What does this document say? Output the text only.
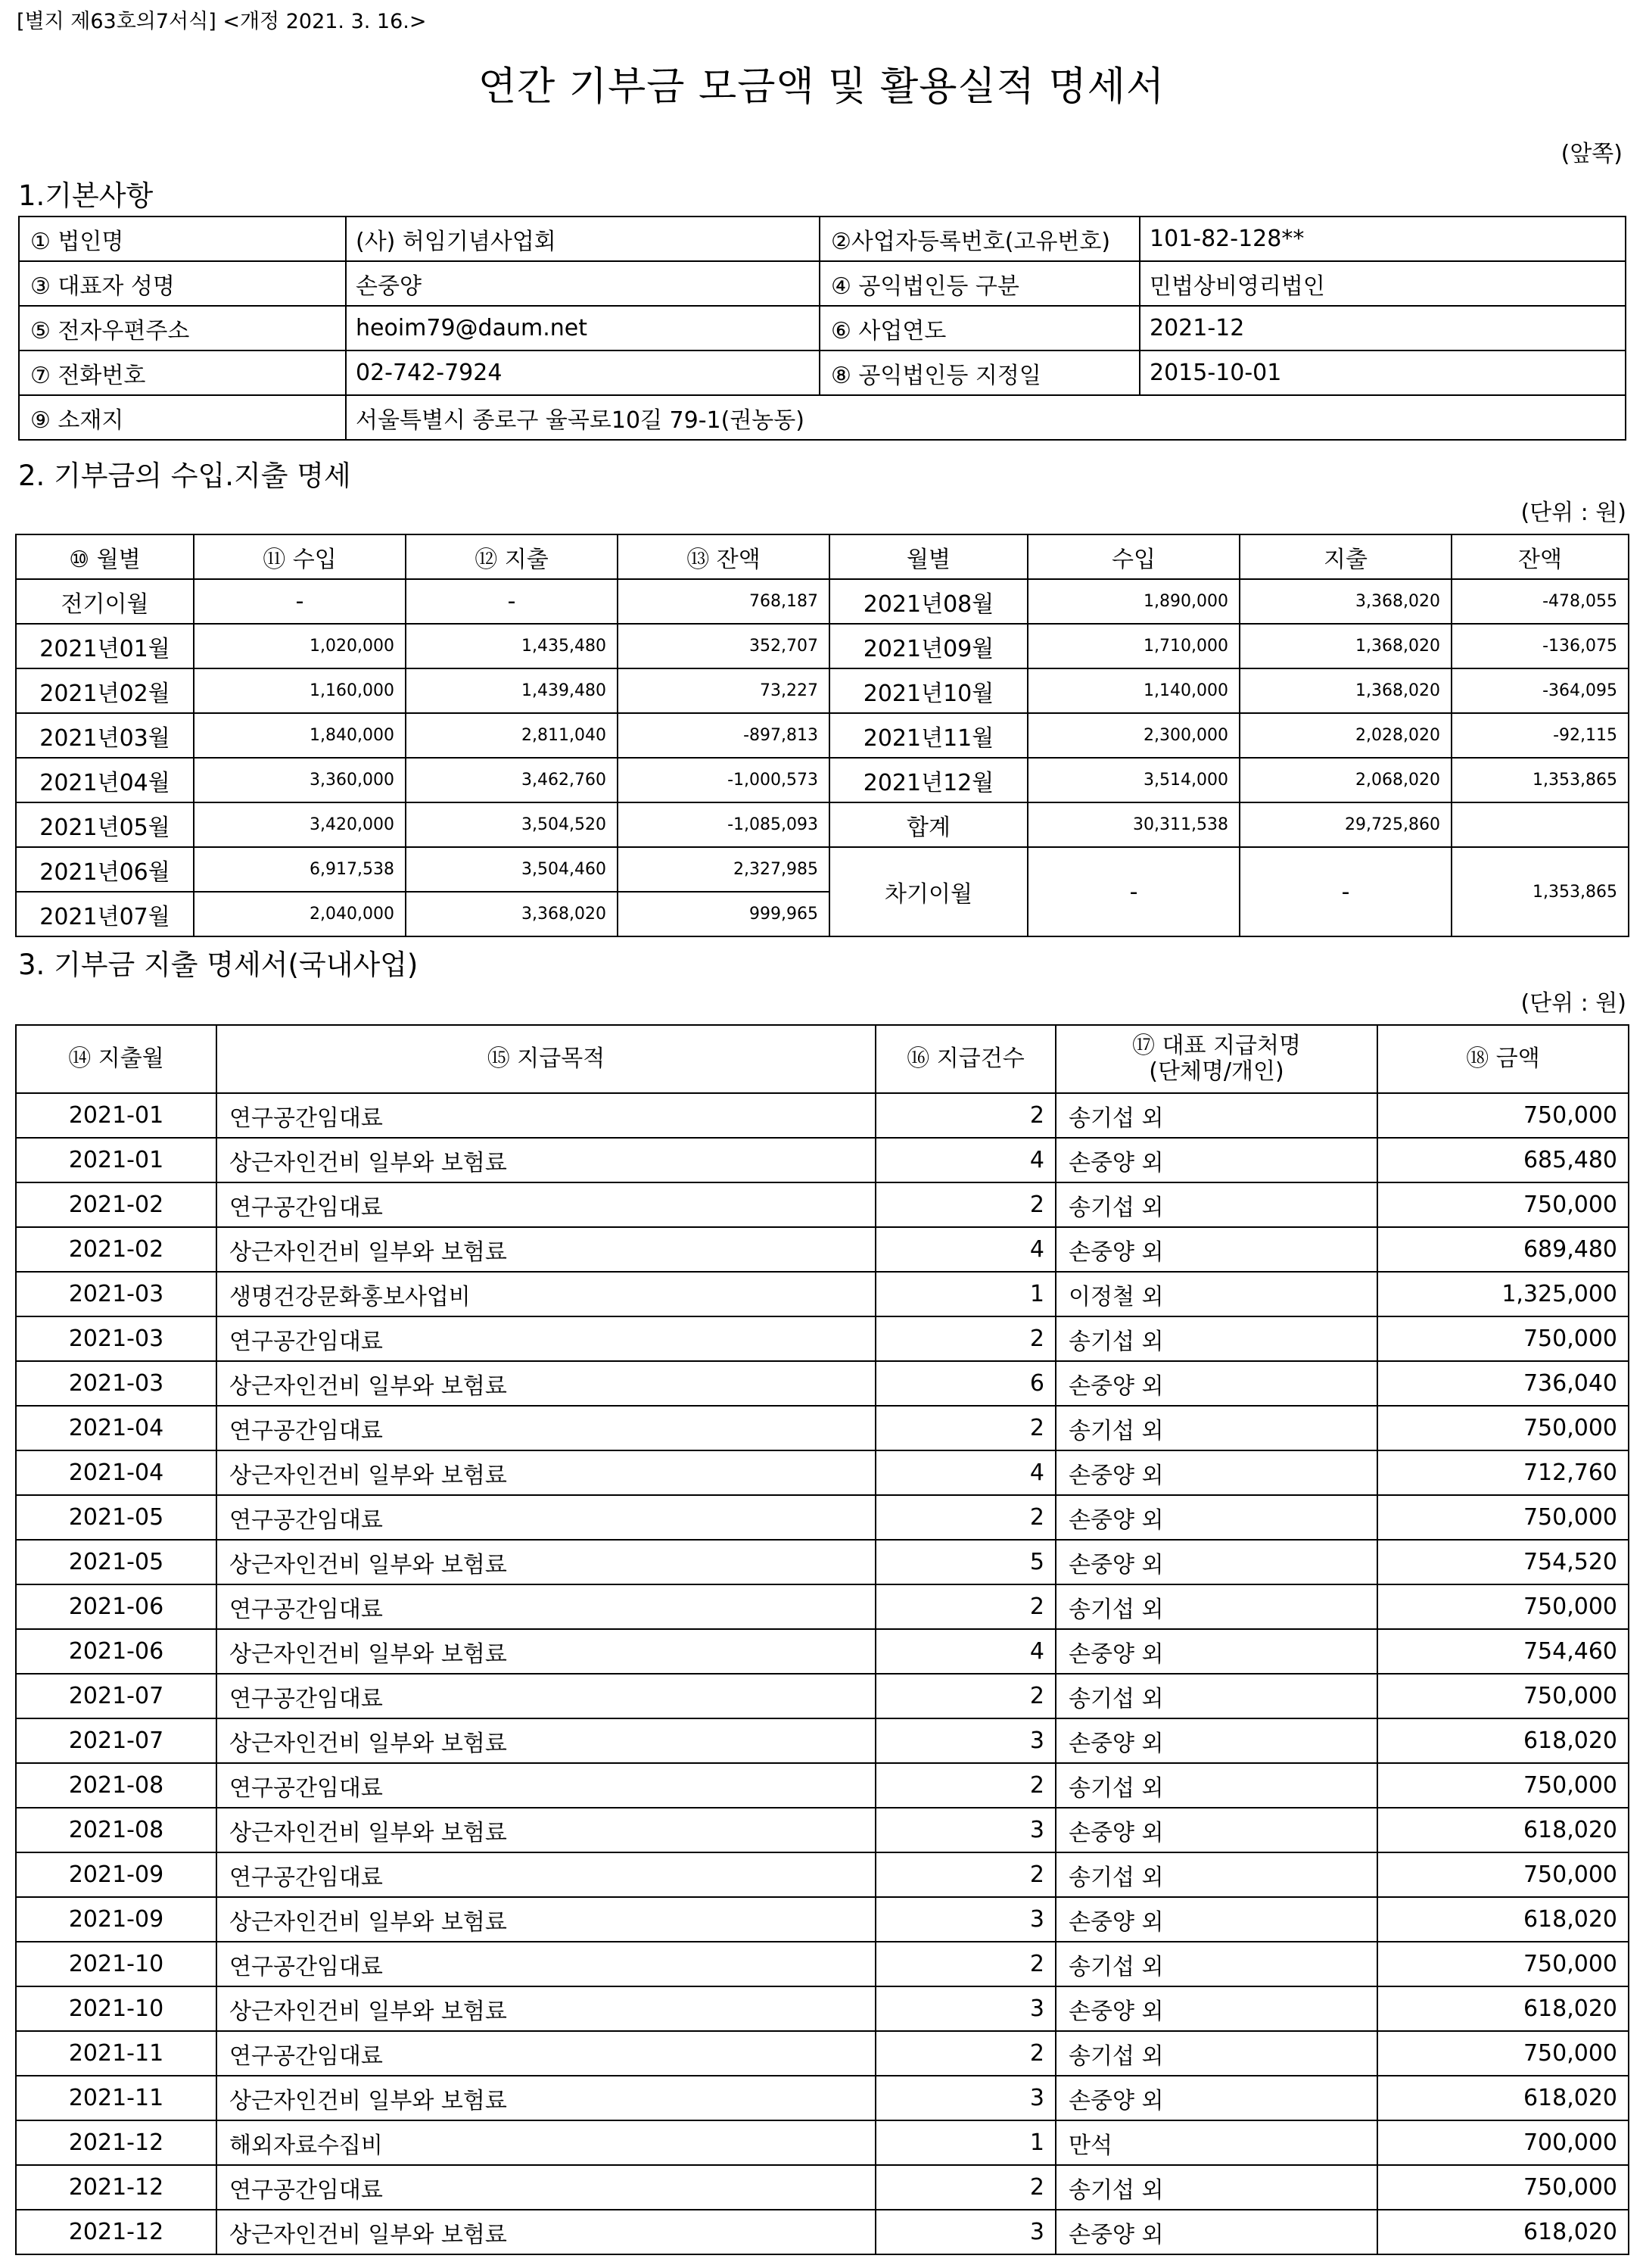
[별지 제63호의7서식] <개정 2021. 3. 16.>
연간 기부금 모금액 및 활용실적 명세서
(앞쪽)
1.기본사항
① 법인명	(사) 허임기념사업회	②사업자등록번호(고유번호)	101-82-128**
③ 대표자 성명	손중양	④ 공익법인등 구분	민법상비영리법인
⑤ 전자우편주소	heoim79@daum.net	⑥ 사업연도	2021-12
⑦ 전화번호	02-742-7924	⑧ 공익법인등 지정일	2015-10-01
⑨ 소재지	서울특별시 종로구 율곡로10길 79-1(권농동)		
2. 기부금의 수입.지출 명세
(단위 : 원)
⑩ 월별	⑪ 수입	⑫ 지출	⑬ 잔액	월별	수입	지출	잔액
전기이월	-	-	768,187	2021년08월	1,890,000	3,368,020	-478,055
2021년01월	1,020,000	1,435,480	352,707	2021년09월	1,710,000	1,368,020	-136,075
2021년02월	1,160,000	1,439,480	73,227	2021년10월	1,140,000	1,368,020	-364,095
2021년03월	1,840,000	2,811,040	-897,813	2021년11월	2,300,000	2,028,020	-92,115
2021년04월	3,360,000	3,462,760	-1,000,573	2021년12월	3,514,000	2,068,020	1,353,865
2021년05월	3,420,000	3,504,520	-1,085,093	합계	30,311,538	29,725,860	
2021년06월	6,917,538	3,504,460	2,327,985	차기이월	-	-	1,353,865
2021년07월	2,040,000	3,368,020	999,965				
3. 기부금 지출 명세서(국내사업)
(단위 : 원)
⑭ 지출월	⑮ 지급목적	⑯ 지급건수	⑰ 대표 지급처명
(단체명/개인)	⑱ 금액
2021-01	연구공간임대료	2	송기섭 외	750,000
2021-01	상근자인건비 일부와 보험료	4	손중양 외	685,480
2021-02	연구공간임대료	2	송기섭 외	750,000
2021-02	상근자인건비 일부와 보험료	4	손중양 외	689,480
2021-03	생명건강문화홍보사업비	1	이정철 외	1,325,000
2021-03	연구공간임대료	2	송기섭 외	750,000
2021-03	상근자인건비 일부와 보험료	6	손중양 외	736,040
2021-04	연구공간임대료	2	송기섭 외	750,000
2021-04	상근자인건비 일부와 보험료	4	손중양 외	712,760
2021-05	연구공간임대료	2	손중양 외	750,000
2021-05	상근자인건비 일부와 보험료	5	손중양 외	754,520
2021-06	연구공간임대료	2	송기섭 외	750,000
2021-06	상근자인건비 일부와 보험료	4	손중양 외	754,460
2021-07	연구공간임대료	2	송기섭 외	750,000
2021-07	상근자인건비 일부와 보험료	3	손중양 외	618,020
2021-08	연구공간임대료	2	송기섭 외	750,000
2021-08	상근자인건비 일부와 보험료	3	손중양 외	618,020
2021-09	연구공간임대료	2	송기섭 외	750,000
2021-09	상근자인건비 일부와 보험료	3	손중양 외	618,020
2021-10	연구공간임대료	2	송기섭 외	750,000
2021-10	상근자인건비 일부와 보험료	3	손중양 외	618,020
2021-11	연구공간임대료	2	송기섭 외	750,000
2021-11	상근자인건비 일부와 보험료	3	손중양 외	618,020
2021-12	해외자료수집비	1	만석	700,000
2021-12	연구공간임대료	2	송기섭 외	750,000
2021-12	상근자인건비 일부와 보험료	3	손중양 외	618,020
